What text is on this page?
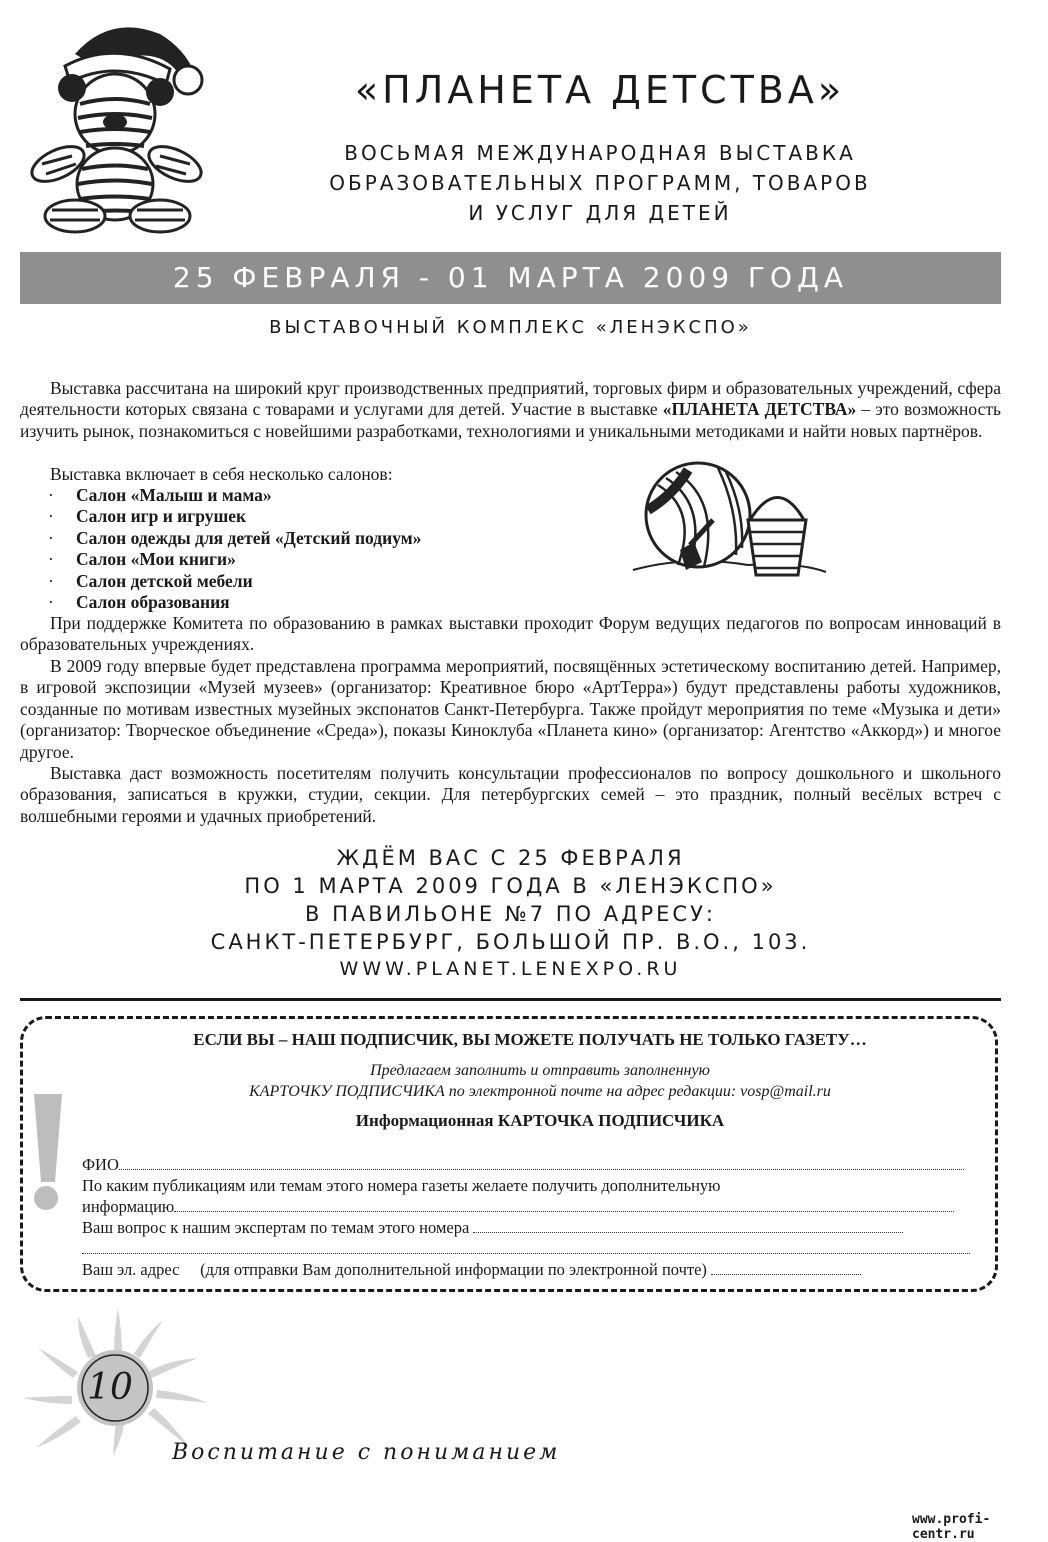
«ПЛАНЕТА ДЕТСТВА»
ВОСЬМАЯ МЕЖДУНАРОДНАЯ ВЫСТАВКА
ОБРАЗОВАТЕЛЬНЫХ ПРОГРАММ, ТОВАРОВ
И УСЛУГ ДЛЯ ДЕТЕЙ
25 ФЕВРАЛЯ - 01 МАРТА 2009 ГОДА
ВЫСТАВОЧНЫЙ КОМПЛЕКС «ЛЕНЭКСПО»
Выставка рассчитана на широкий круг производственных предприятий, торговых фирм и образовательных учреждений, сфера деятельности которых связана с товарами и услугами для детей. Участие в выставке «ПЛАНЕТА ДЕТСТВА» – это возможность изучить рынок, познакомиться с новейшими разработками, технологиями и уникальными методиками и найти новых партнёров.
Выставка включает в себя несколько салонов:
· Салон «Малыш и мама»
· Салон игр и игрушек
· Салон одежды для детей «Детский подиум»
· Салон «Мои книги»
· Салон детской мебели
· Салон образования
При поддержке Комитета по образованию в рамках выставки проходит Форум ведущих педагогов по вопросам инноваций в образовательных учреждениях.
В 2009 году впервые будет представлена программа мероприятий, посвящённых эстетическому воспитанию детей. Например, в игровой экспозиции «Музей музеев» (организатор: Креативное бюро «АртТерра») будут представлены работы художников, созданные по мотивам известных музейных экспонатов Санкт-Петербурга. Также пройдут мероприятия по теме «Музыка и дети» (организатор: Творческое объединение «Среда»), показы Киноклуба «Планета кино» (организатор: Агентство «Аккорд») и многое другое.
Выставка даст возможность посетителям получить консультации профессионалов по вопросу дошкольного и школьного образования, записаться в кружки, студии, секции. Для петербургских семей – это праздник, полный весёлых встреч с волшебными героями и удачных приобретений.
ЖДЁМ ВАС С 25 ФЕВРАЛЯ
ПО 1 МАРТА 2009 ГОДА В «ЛЕНЭКСПО»
В ПАВИЛЬОНЕ №7 ПО АДРЕСУ:
САНКТ-ПЕТЕРБУРГ, БОЛЬШОЙ ПР. В.О., 103.
WWW.PLANET.LENEXPO.RU
ЕСЛИ ВЫ – НАШ ПОДПИСЧИК, ВЫ МОЖЕТЕ ПОЛУЧАТЬ НЕ ТОЛЬКО ГАЗЕТУ…
Предлагаем заполнить и отправить заполненную
КАРТОЧКУ ПОДПИСЧИКА по электронной почте на адрес редакции: vosp@mail.ru
Информационная КАРТОЧКА ПОДПИСЧИКА
ФИО
По каким публикациям или темам этого номера газеты желаете получить дополнительную
информацию
Ваш вопрос к нашим экспертам по темам этого номера
Ваш эл. адрес     (для отправки Вам дополнительной информации по электронной почте)
10
Воспитание с пониманием
www.profi-centr.ru
